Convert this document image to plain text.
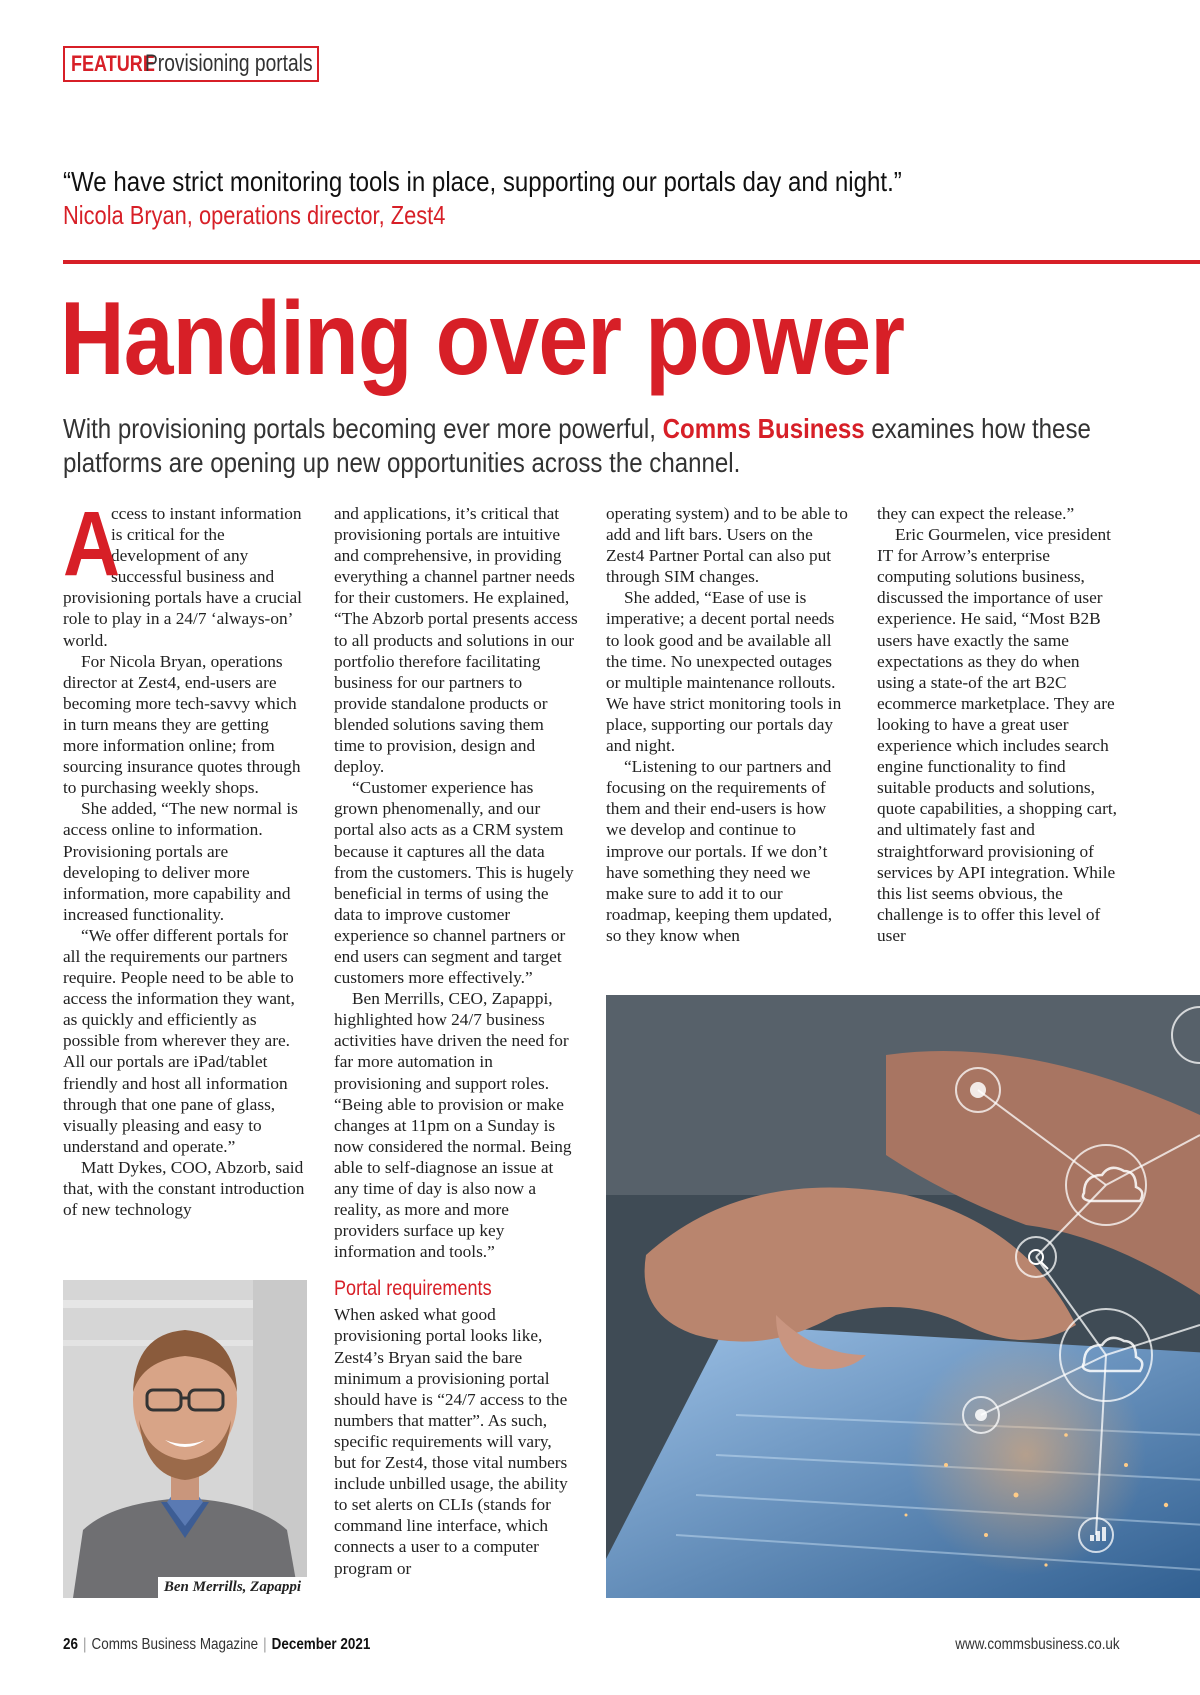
FEATURE
Provisioning portals
“We have strict monitoring tools in place, supporting our portals day and night.”
Nicola Bryan, operations director, Zest4
Handing over power
With provisioning portals becoming ever more powerful, Comms Business examines how these platforms are opening up new opportunities across the channel.

A
ccess to instant information is critical for the development of any successful business and provisioning portals have a crucial role to play in a 24/7 ‘always-on’ world.

For Nicola Bryan, operations director at Zest4, end-users are becoming more tech-savvy which in turn means they are getting more information online; from sourcing insurance quotes through to purchasing weekly shops.

She added, “The new normal is access online to information. Provisioning portals are developing to deliver more information, more capability and increased functionality.

“We offer different portals for all the requirements our partners require. People need to be able to access the information they want, as quickly and efficiently as possible from wherever they are. All our portals are iPad/tablet friendly and host all information through that one pane of glass, visually pleasing and easy to understand and operate.”

Matt Dykes, COO, Abzorb, said that, with the constant introduction of new technology

and applications, it’s critical that provisioning portals are intuitive and comprehensive, in providing everything a channel partner needs for their customers. He explained, “The Abzorb portal presents access to all products and solutions in our portfolio therefore facilitating business for our partners to provide standalone products or blended solutions saving them time to provision, design and deploy.

“Customer experience has grown phenomenally, and our portal also acts as a CRM system because it captures all the data from the customers. This is hugely beneficial in terms of using the data to improve customer experience so channel partners or end users can segment and target customers more effectively.”

Ben Merrills, CEO, Zapappi, highlighted how 24/7 business activities have driven the need for far more automation in provisioning and support roles. “Being able to provision or make changes at 11pm on a Sunday is now considered the normal. Being able to self-diagnose an issue at any time of day is also now a reality, as more and more providers surface up key information and tools.”

Portal requirements

When asked what good provisioning portal looks like, Zest4’s Bryan said the bare minimum a provisioning portal should have is “24/7 access to the numbers that matter”. As such, specific requirements will vary, but for Zest4, those vital numbers include unbilled usage, the ability to set alerts on CLIs (stands for command line interface, which connects a user to a computer program or

operating system) and to be able to add and lift bars. Users on the Zest4 Partner Portal can also put through SIM changes.

She added, “Ease of use is imperative; a decent portal needs to look good and be available all the time. No unexpected outages or multiple maintenance rollouts. We have strict monitoring tools in place, supporting our portals day and night.

“Listening to our partners and focusing on the requirements of them and their end-users is how we develop and continue to improve our portals. If we don’t have something they need we make sure to add it to our roadmap, keeping them updated, so they know when

they can expect the release.”

Eric Gourmelen, vice president IT for Arrow’s enterprise computing solutions business, discussed the importance of user experience. He said, “Most B2B users have exactly the same expectations as they do when using a state-of the art B2C ecommerce marketplace. They are looking to have a great user experience which includes search engine functionality to find suitable products and solutions, quote capabilities, a shopping cart, and ultimately fast and straightforward provisioning of services by API integration. While this list seems obvious, the challenge is to offer this level of user

Ben Merrills, Zapappi
26 | Comms Business Magazine | December 2021	www.commsbusiness.co.uk
